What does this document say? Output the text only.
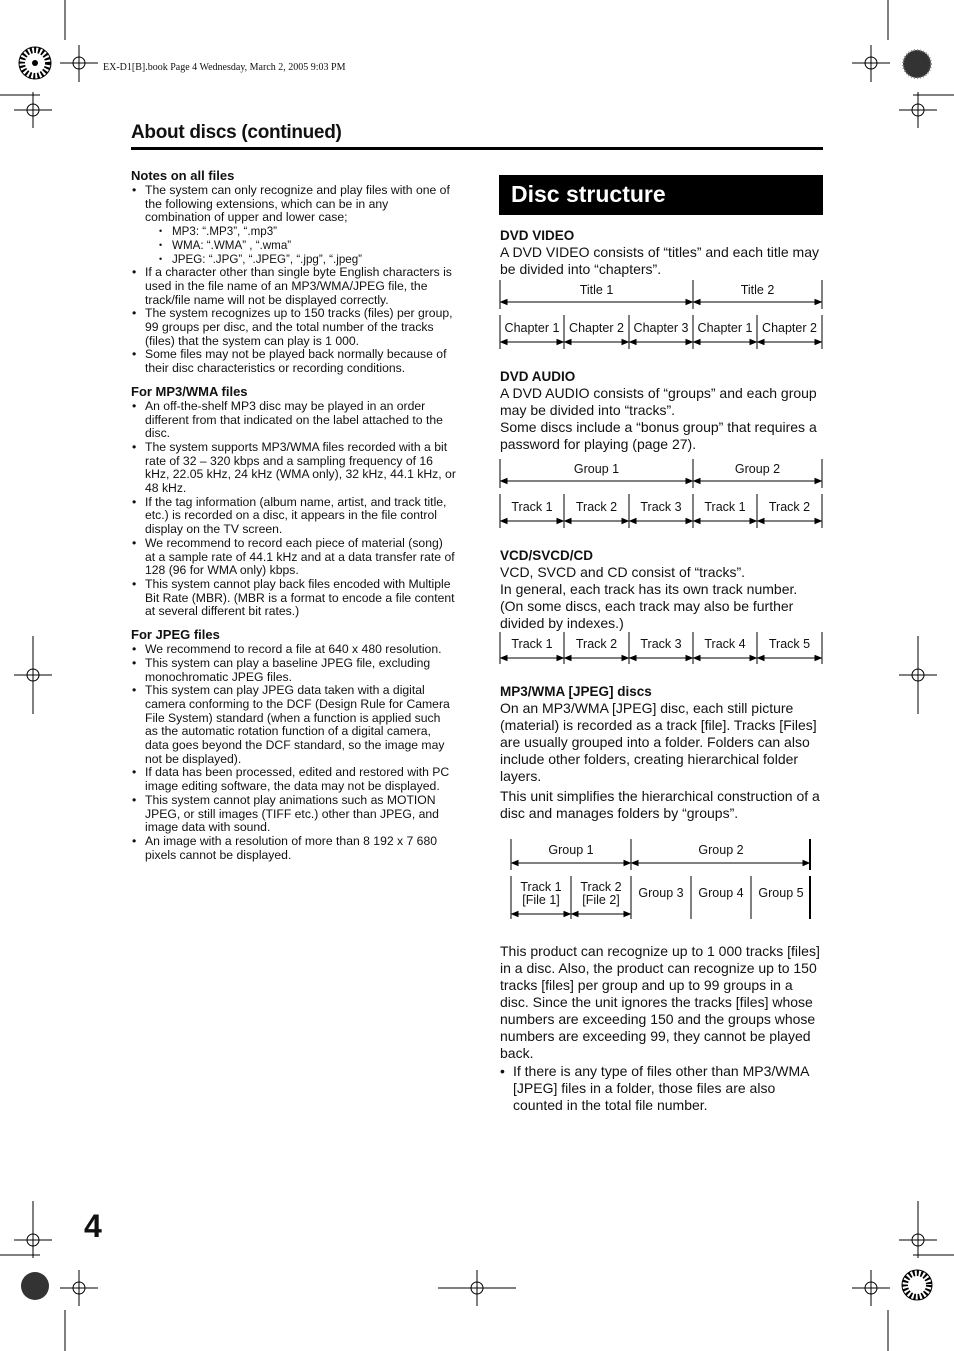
EX-D1[B].book Page 4 Wednesday, March 2, 2005 9:03 PM
About discs (continued)
Notes on all files
• The system can only recognize and play files with one of the following extensions, which can be in any combination of upper and lower case;
• MP3: “.MP3”, “.mp3”
• WMA: “.WMA” , “.wma”
• JPEG: “.JPG”, “.JPEG”, “.jpg”, “.jpeg”
• If a character other than single byte English characters is used in the file name of an MP3/WMA/JPEG file, the track/file name will not be displayed correctly.
• The system recognizes up to 150 tracks (files) per group, 99 groups per disc, and the total number of the tracks (files) that the system can play is 1 000.
• Some files may not be played back normally because of their disc characteristics or recording conditions.
For MP3/WMA files
• An off-the-shelf MP3 disc may be played in an order different from that indicated on the label attached to the disc.
• The system supports MP3/WMA files recorded with a bit rate of 32 – 320 kbps and a sampling frequency of 16 kHz, 22.05 kHz, 24 kHz (WMA only), 32 kHz, 44.1 kHz, or 48 kHz.
• If the tag information (album name, artist, and track title, etc.) is recorded on a disc, it appears in the file control display on the TV screen.
• We recommend to record each piece of material (song) at a sample rate of 44.1 kHz and at a data transfer rate of 128 (96 for WMA only) kbps.
• This system cannot play back files encoded with Multiple Bit Rate (MBR). (MBR is a format to encode a file content at several different bit rates.)
For JPEG files
• We recommend to record a file at 640 x 480 resolution.
• This system can play a baseline JPEG file, excluding monochromatic JPEG files.
• This system can play JPEG data taken with a digital camera conforming to the DCF (Design Rule for Camera File System) standard (when a function is applied such as the automatic rotation function of a digital camera, data goes beyond the DCF standard, so the image may not be displayed).
• If data has been processed, edited and restored with PC image editing software, the data may not be displayed.
• This system cannot play animations such as MOTION JPEG, or still images (TIFF etc.) other than JPEG, and image data with sound.
• An image with a resolution of more than 8 192 x 7 680 pixels cannot be displayed.
Disc structure
DVD VIDEO

A DVD VIDEO consists of “titles” and each title may be divided into “chapters”.

Title 1	Title 2
Chapter 1 Chapter 2 Chapter 3 Chapter 1 Chapter 2
DVD AUDIO

A DVD AUDIO consists of “groups” and each group may be divided into “tracks”.

Some discs include a “bonus group” that requires a password for playing (page 27).

Group 1	Group 2
Track 1	Track 2	Track 3	Track 1	Track 2
VCD/SVCD/CD

VCD, SVCD and CD consist of “tracks”.

In general, each track has its own track number. (On some discs, each track may also be further divided by indexes.)

Track 1	Track 2	Track 3	Track 4	Track 5
MP3/WMA [JPEG] discs

On an MP3/WMA [JPEG] disc, each still picture (material) is recorded as a track [file]. Tracks [Files] are usually grouped into a folder. Folders can also include other folders, creating hierarchical folder layers.

This unit simplifies the hierarchical construction of a disc and manages folders by “groups”.

Group 1	Group 2
Track 1
[File 1]
Track 2
[File 2]	Group 3	Group 4	Group 5

This product can recognize up to 1 000 tracks [files] in a disc. Also, the product can recognize up to 150 tracks [files] per group and up to 99 groups in a disc. Since the unit ignores the tracks [files] whose numbers are exceeding 150 and the groups whose numbers are exceeding 99, they cannot be played back.

• If there is any type of files other than MP3/WMA [JPEG] files in a folder, those files are also counted in the total file number.

4
